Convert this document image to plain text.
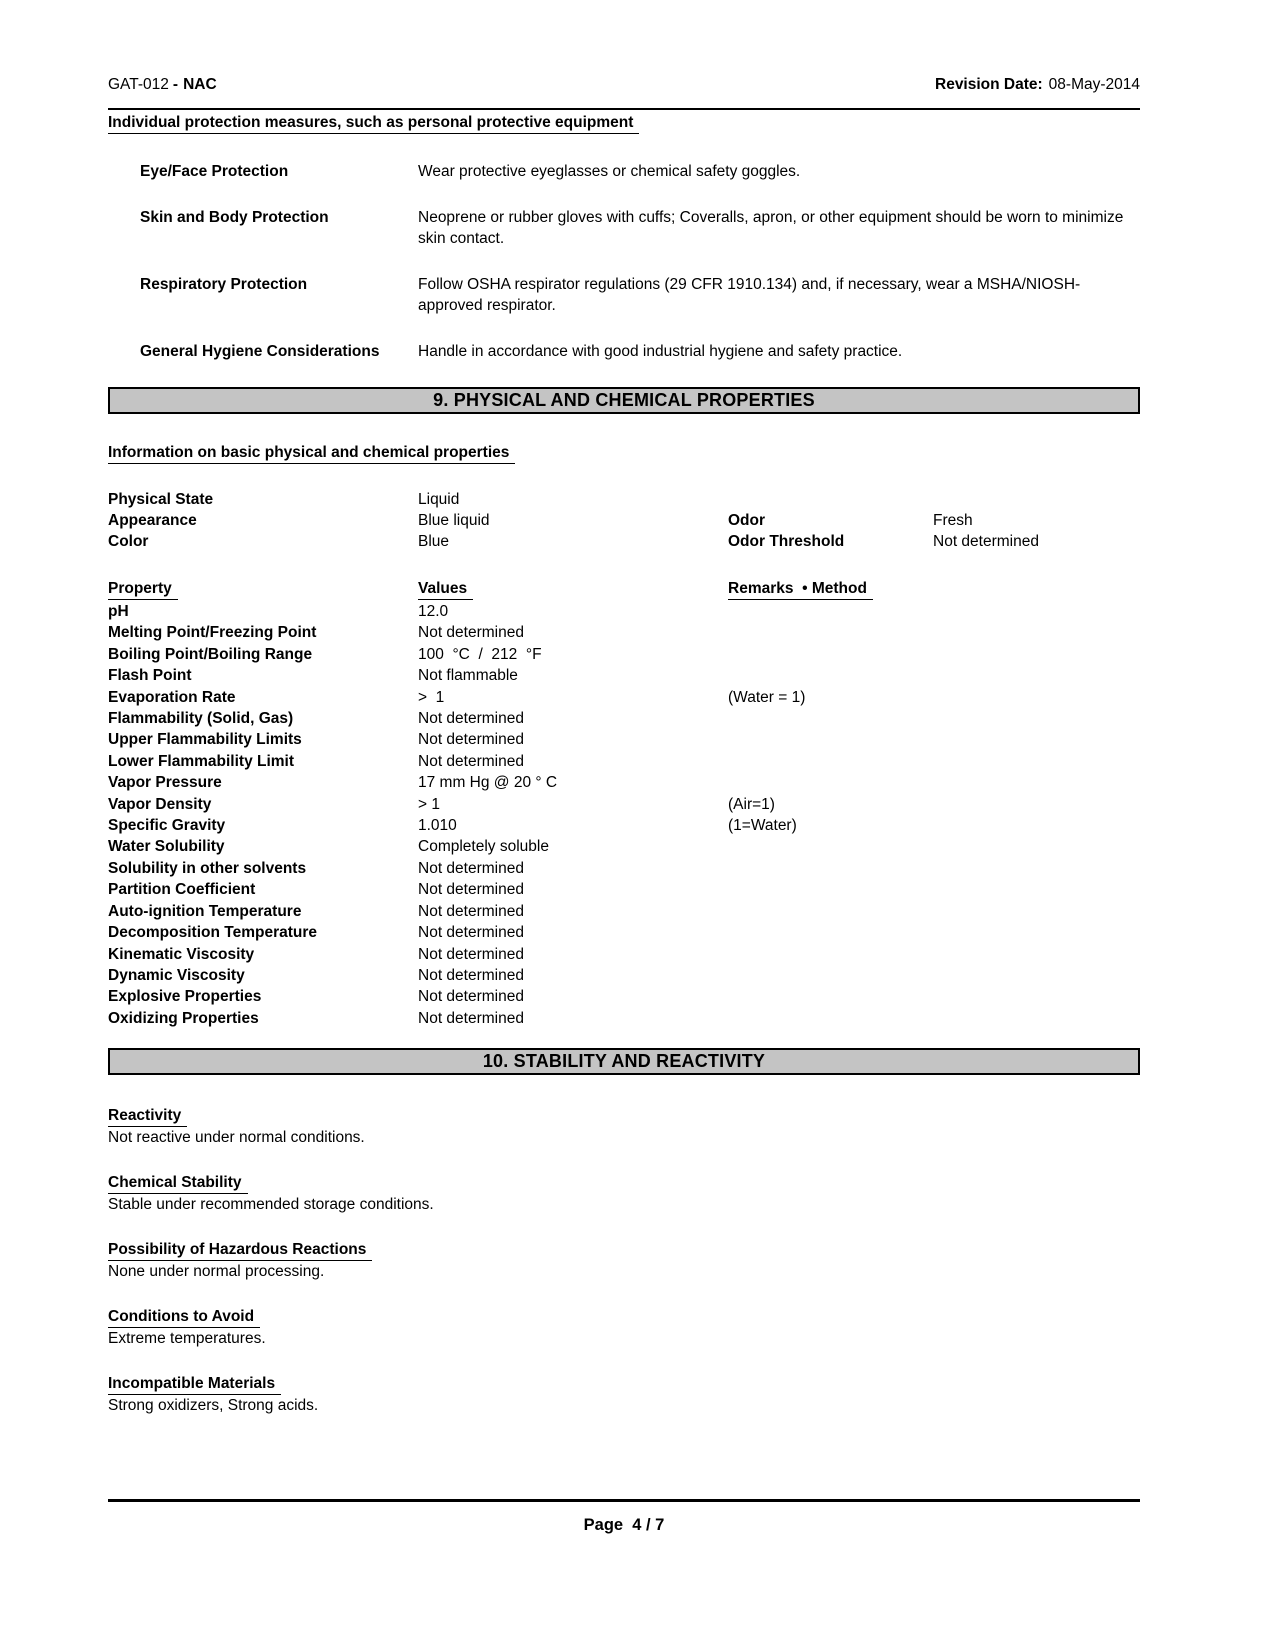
GAT-012 - NAC	Revision Date: 08-May-2014
Individual protection measures, such as personal protective equipment
Eye/Face Protection	Wear protective eyeglasses or chemical safety goggles.
Skin and Body Protection	Neoprene or rubber gloves with cuffs; Coveralls, apron, or other equipment should be worn to minimize skin contact.
Respiratory Protection	Follow OSHA respirator regulations (29 CFR 1910.134) and, if necessary, wear a MSHA/NIOSH-approved respirator.
General Hygiene Considerations	Handle in accordance with good industrial hygiene and safety practice.
9. PHYSICAL AND CHEMICAL PROPERTIES
Information on basic physical and chemical properties
Physical State	Liquid
Appearance	Blue liquid	Odor	Fresh
Color	Blue	Odor Threshold	Not determined
Property	Values	Remarks  • Method
pH	12.0
Melting Point/Freezing Point	Not determined
Boiling Point/Boiling Range	100  °C  /  212  °F
Flash Point	Not flammable
Evaporation Rate	>  1	(Water = 1)
Flammability (Solid, Gas)	Not determined
Upper Flammability Limits	Not determined
Lower Flammability Limit	Not determined
Vapor Pressure	17 mm Hg @ 20 ° C
Vapor Density	> 1	(Air=1)
Specific Gravity	1.010	(1=Water)
Water Solubility	Completely soluble
Solubility in other solvents	Not determined
Partition Coefficient	Not determined
Auto-ignition Temperature	Not determined
Decomposition Temperature	Not determined
Kinematic Viscosity	Not determined
Dynamic Viscosity	Not determined
Explosive Properties	Not determined
Oxidizing Properties	Not determined
10. STABILITY AND REACTIVITY
Reactivity
Not reactive under normal conditions.
Chemical Stability
Stable under recommended storage conditions.
Possibility of Hazardous Reactions
None under normal processing.
Conditions to Avoid
Extreme temperatures.
Incompatible Materials
Strong oxidizers, Strong acids.
Page  4 / 7
